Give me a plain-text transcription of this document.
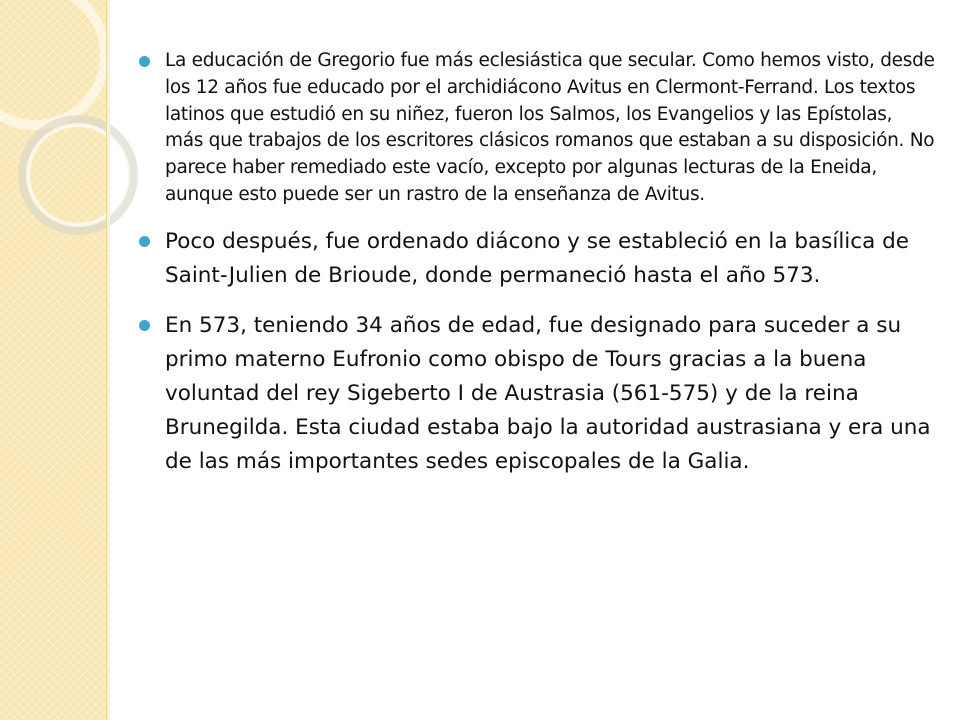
La educación de Gregorio fue más eclesiástica que secular. Como hemos visto, desde los 12 años fue educado por el archidiácono Avitus en Clermont-Ferrand. Los textos latinos que estudió en su niñez, fueron los Salmos, los Evangelios y las Epístolas, más que trabajos de los escritores clásicos romanos que estaban a su disposición. No parece haber remediado este vacío, excepto por algunas lecturas de la Eneida, aunque esto puede ser un rastro de la enseñanza de Avitus.
Poco después, fue ordenado diácono y se estableció en la basílica de Saint-Julien de Brioude, donde permaneció hasta el año 573.
En 573, teniendo 34 años de edad, fue designado para suceder a su primo materno Eufronio como obispo de Tours gracias a la buena voluntad del rey Sigeberto I de Austrasia (561-575) y de la reina Brunegilda. Esta ciudad estaba bajo la autoridad austrasiana y era una de las más importantes sedes episcopales de la Galia.
